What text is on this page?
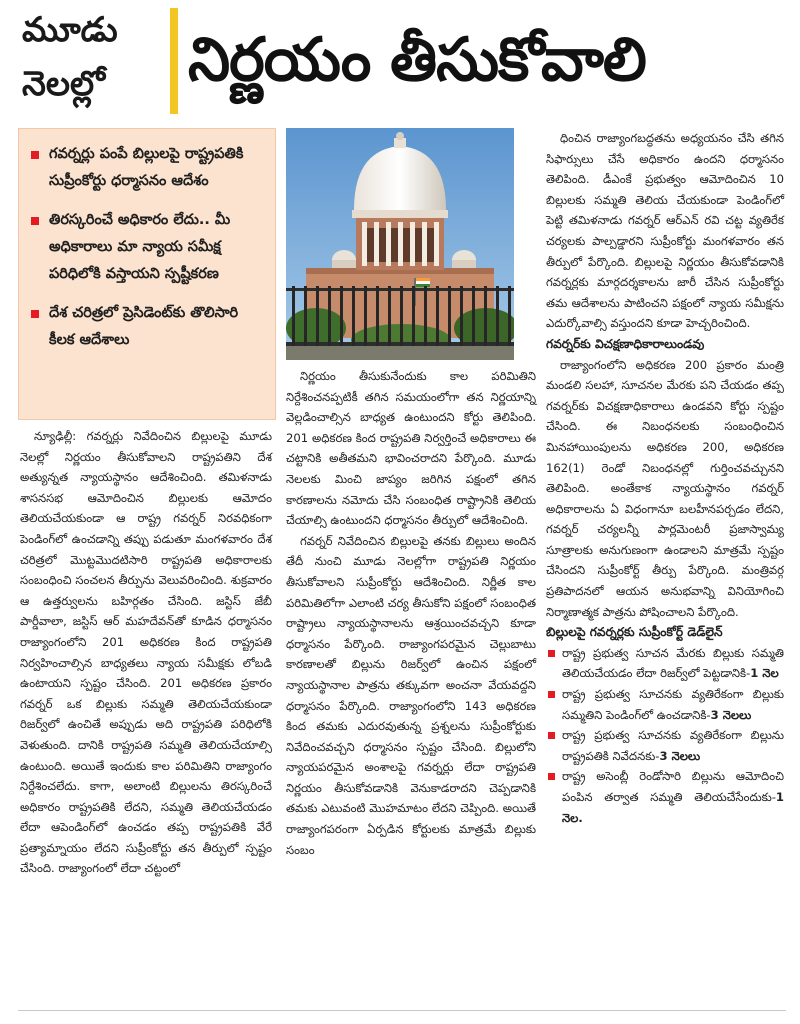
మూడు
నెలల్లో నిర్ణయం తీసుకోవాలి
గవర్నర్లు పంపే బిల్లులపై రాష్ట్రపతికి సుప్రీంకోర్టు ధర్మాసనం ఆదేశం
తిరస్కరించే అధికారం లేదు.. మీ అధికారాలు మా న్యాయ సమీక్ష పరిధిలోకి వస్తాయని స్పష్టీకరణ
దేశ చరిత్రలో ప్రెసిడెంట్‌కు తొలిసారి కీలక ఆదేశాలు

న్యూఢిల్లీ: గవర్నర్లు నివేదించిన బిల్లులపై మూడు నెలల్లో నిర్ణయం తీసుకోవాలని రాష్ట్రపతిని దేశ అత్యున్నత న్యాయస్థానం ఆదేశించింది. తమిళనాడు శాసనసభ ఆమోదించిన బిల్లులకు ఆమోదం తెలియచేయకుండా ఆ రాష్ట్ర గవర్నర్ నిరవధికంగా పెండింగ్‌లో ఉంచడాన్ని తప్పు పడుతూ మంగళవారం దేశ చరిత్రలో మొట్టమొదటిసారి రాష్ట్రపతి అధికారాలకు సంబంధించి సంచలన తీర్పును వెలువరించింది. శుక్రవారం ఆ ఉత్తర్వులను బహిర్గతం చేసింది. జస్టిస్ జేబీ పార్డీవాలా, జస్టిస్ ఆర్ మహదేవన్‌తో కూడిన ధర్మాసనం రాజ్యాంగంలోని 201 అధికరణ కింద రాష్ట్రపతి నిర్వహించాల్సిన బాధ్యతలు న్యాయ సమీక్షకు లోబడి ఉంటాయని స్పష్టం చేసింది. 201 అధికరణ ప్రకారం గవర్నర్ ఒక బిల్లుకు సమ్మతి తెలియచేయకుండా రిజర్వ్‌లో ఉంచితే అప్పుడు అది రాష్ట్రపతి పరిధిలోకి వెళుతుంది. దానికి రాష్ట్రపతి సమ్మతి తెలియచేయాల్సి ఉంటుంది. అయితే ఇందుకు కాల పరిమితిని రాజ్యాంగం నిర్దేశించలేదు. కాగా, అలాంటి బిల్లులను తిరస్కరించే అధికారం రాష్ట్రపతికి లేదని, సమ్మతి తెలియచేయడం లేదా ఆపెండింగ్‌లో ఉంచడం తప్ప రాష్ట్రపతికి వేరే ప్రత్యామ్నాయం లేదని సుప్రీంకోర్టు తన తీర్పులో స్పష్టం చేసింది. రాజ్యాంగంలో లేదా చట్టంలో

నిర్ణయం తీసుకునేందుకు కాల పరిమితిని నిర్దేశించనప్పటికీ తగిన సమయంలోగా తన నిర్ణయాన్ని వెల్లడించాల్సిన బాధ్యత ఉంటుందని కోర్టు తెలిపింది. 201 అధికరణ కింద రాష్ట్రపతి నిర్వర్తించే అధికారాలు ఈ చట్టానికి అతీతమని భావించరాదని పేర్కొంది. మూడు నెలలకు మించి జాప్యం జరిగిన పక్షంలో తగిన కారణాలను నమోదు చేసి సంబంధిత రాష్ట్రానికి తెలియ చేయాల్సి ఉంటుందని ధర్మాసనం తీర్పులో ఆదేశించింది.

గవర్నర్ నివేదించిన బిల్లులపై తనకు బిల్లులు అందిన తేదీ నుంచి మూడు నెలల్లోగా రాష్ట్రపతి నిర్ణయం తీసుకోవాలని సుప్రీంకోర్టు ఆదేశించింది. నిర్ణీత కాల పరిమితిలోగా ఎలాంటి చర్య తీసుకోని పక్షంలో సంబంధిత రాష్ట్రాలు న్యాయస్థానాలను ఆశ్రయించవచ్చని కూడా ధర్మాసనం పేర్కొంది. రాజ్యాంగపరమైన చెల్లుబాటు కారణాలతో బిల్లును రిజర్వ్‌లో ఉంచిన పక్షంలో న్యాయస్థానాల పాత్రను తక్కువగా అంచనా వేయవద్దని ధర్మాసనం పేర్కొంది. రాజ్యాంగంలోని 143 అధికరణ కింద తమకు ఎదురవుతున్న ప్రశ్నలను సుప్రీంకోర్టుకు నివేదించవచ్చని ధర్మాసనం స్పష్టం చేసింది. బిల్లులోని న్యాయపరమైన అంశాలపై గవర్నర్లు లేదా రాష్ట్రపతి నిర్ణయం తీసుకోవడానికి వెనుకాడరాదని చెప్పడానికి తమకు ఎటువంటి మొహమాటం లేదని చెప్పింది. అయితే రాజ్యాంగపరంగా ఏర్పడిన కోర్టులకు మాత్రమే బిల్లుకు సంబం

ధించిన రాజ్యాంగబద్ధతను అధ్యయనం చేసి తగిన సిఫార్సులు చేసే అధికారం ఉందని ధర్మాసనం తెలిపింది. డీఎంకే ప్రభుత్వం ఆమోదించిన 10 బిల్లులకు సమ్మతి తెలియ చేయకుండా పెండింగ్‌లో పెట్టి తమిళనాడు గవర్నర్ ఆర్‌ఎన్ రవి చట్ట వ్యతిరేక చర్యలకు పాల్పడ్డారని సుప్రీంకోర్టు మంగళవారం తన తీర్పులో పేర్కొంది. బిల్లులపై నిర్ణయం తీసుకోవడానికి గవర్నర్లకు మార్గదర్శకాలను జారీ చేసిన సుప్రీంకోర్టు తమ ఆదేశాలను పాటించని పక్షంలో న్యాయ సమీక్షను ఎదుర్కోవాల్సి వస్తుందని కూడా హెచ్చరించింది.

గవర్నర్‌కు విచక్షణాధికారాలుండవు

రాజ్యాంగంలోని అధికరణ 200 ప్రకారం మంత్రి మండలి సలహా, సూచనల మేరకు పని చేయడం తప్ప గవర్నర్‌కు విచక్షణాధికారాలు ఉండవని కోర్టు స్పష్టం చేసింది. ఈ నిబంధనలకు సంబంధించిన మినహాయింపులను అధికరణ 200, అధికరణ 162(1) రెండో నిబంధనల్లో గుర్తించవచ్చునని తెలిపింది. అంతేకాక న్యాయస్థానం గవర్నర్ అధికారాలను ఏ విధంగానూ బలహీనపర్చడం లేదని, గవర్నర్ చర్యలన్నీ పార్లమెంటరీ ప్రజాస్వామ్య సూత్రాలకు అనుగుణంగా ఉండాలని మాత్రమే స్పష్టం చేసిందని సుప్రీంకోర్ట్ తీర్పు పేర్కొంది. మంత్రివర్గ ప్రతిపాదనలో ఆయన అనుభవాన్ని వినియోగించి నిర్మాణాత్మక పాత్రను పోషించాలని పేర్కొంది.

బిల్లులపై గవర్నర్లకు సుప్రీంకోర్ట్ డెడ్‌లైన్

రాష్ట్ర ప్రభుత్వ సూచన మేరకు బిల్లుకు సమ్మతి తెలియచేయడం లేదా రిజర్వ్‌లో పెట్టడానికి-1 నెల
రాష్ట్ర ప్రభుత్వ సూచనకు వ్యతిరేకంగా బిల్లుకు సమ్మతిని పెండింగ్‌లో ఉంచడానికి-3 నెలలు
రాష్ట్ర ప్రభుత్వ సూచనకు వ్యతిరేకంగా బిల్లును రాష్ట్రపతికి నివేదనకు-3 నెలలు
రాష్ట్ర అసెంబ్లీ రెండోసారి బిల్లును ఆమోదించి పంపిన తర్వాత సమ్మతి తెలియచేసేందుకు-1 నెల.
